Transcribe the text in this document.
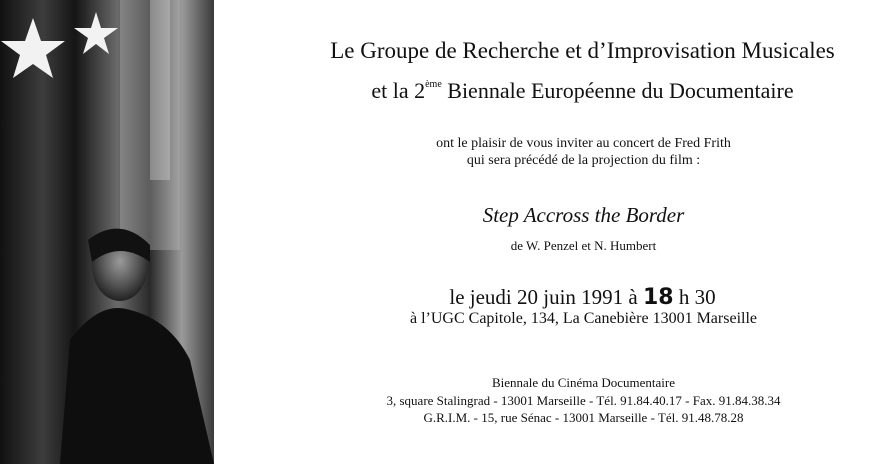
Le Groupe de Recherche et d’Improvisation Musicales
et la 2ème Biennale Européenne du Documentaire
ont le plaisir de vous inviter au concert de Fred Frith
qui sera précédé de la projection du film :
Step Accross the Border
de W. Penzel et N. Humbert
le jeudi 20 juin 1991 à 18 h 30
à l’UGC Capitole, 134, La Canebière 13001 Marseille
Biennale du Cinéma Documentaire
3, square Stalingrad - 13001 Marseille - Tél. 91.84.40.17 - Fax. 91.84.38.34
G.R.I.M. - 15, rue Sénac - 13001 Marseille - Tél. 91.48.78.28
